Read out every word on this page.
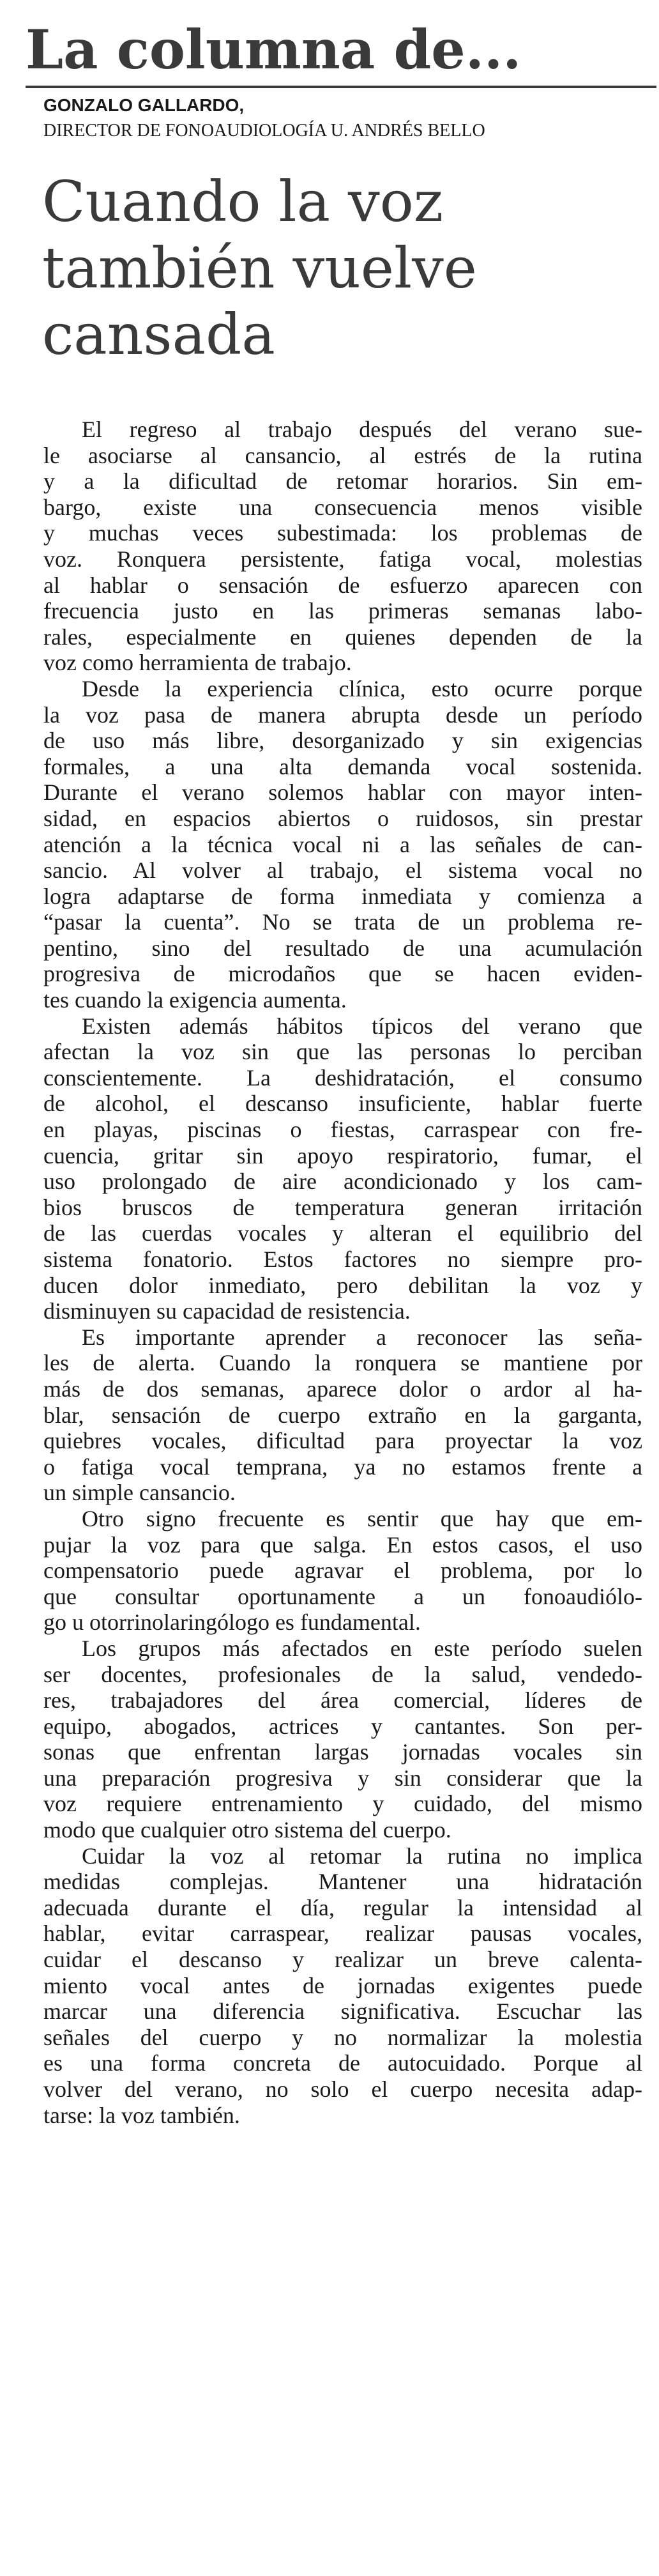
La columna de...
GONZALO GALLARDO,
DIRECTOR DE FONOAUDIOLOGÍA U. ANDRÉS BELLO
Cuando la voz
también vuelve
cansada
El regreso al trabajo después del verano sue-
le asociarse al cansancio, al estrés de la rutina
y a la dificultad de retomar horarios. Sin em-
bargo, existe una consecuencia menos visible
y muchas veces subestimada: los problemas de
voz. Ronquera persistente, fatiga vocal, molestias
al hablar o sensación de esfuerzo aparecen con
frecuencia justo en las primeras semanas labo-
rales, especialmente en quienes dependen de la
voz como herramienta de trabajo.
Desde la experiencia clínica, esto ocurre porque
la voz pasa de manera abrupta desde un período
de uso más libre, desorganizado y sin exigencias
formales, a una alta demanda vocal sostenida.
Durante el verano solemos hablar con mayor inten-
sidad, en espacios abiertos o ruidosos, sin prestar
atención a la técnica vocal ni a las señales de can-
sancio. Al volver al trabajo, el sistema vocal no
logra adaptarse de forma inmediata y comienza a
“pasar la cuenta”. No se trata de un problema re-
pentino, sino del resultado de una acumulación
progresiva de microdaños que se hacen eviden-
tes cuando la exigencia aumenta.
Existen además hábitos típicos del verano que
afectan la voz sin que las personas lo perciban
conscientemente. La deshidratación, el consumo
de alcohol, el descanso insuficiente, hablar fuerte
en playas, piscinas o fiestas, carraspear con fre-
cuencia, gritar sin apoyo respiratorio, fumar, el
uso prolongado de aire acondicionado y los cam-
bios bruscos de temperatura generan irritación
de las cuerdas vocales y alteran el equilibrio del
sistema fonatorio. Estos factores no siempre pro-
ducen dolor inmediato, pero debilitan la voz y
disminuyen su capacidad de resistencia.
Es importante aprender a reconocer las seña-
les de alerta. Cuando la ronquera se mantiene por
más de dos semanas, aparece dolor o ardor al ha-
blar, sensación de cuerpo extraño en la garganta,
quiebres vocales, dificultad para proyectar la voz
o fatiga vocal temprana, ya no estamos frente a
un simple cansancio.
Otro signo frecuente es sentir que hay que em-
pujar la voz para que salga. En estos casos, el uso
compensatorio puede agravar el problema, por lo
que consultar oportunamente a un fonoaudiólo-
go u otorrinolaringólogo es fundamental.
Los grupos más afectados en este período suelen
ser docentes, profesionales de la salud, vendedo-
res, trabajadores del área comercial, líderes de
equipo, abogados, actrices y cantantes. Son per-
sonas que enfrentan largas jornadas vocales sin
una preparación progresiva y sin considerar que la
voz requiere entrenamiento y cuidado, del mismo
modo que cualquier otro sistema del cuerpo.
Cuidar la voz al retomar la rutina no implica
medidas complejas. Mantener una hidratación
adecuada durante el día, regular la intensidad al
hablar, evitar carraspear, realizar pausas vocales,
cuidar el descanso y realizar un breve calenta-
miento vocal antes de jornadas exigentes puede
marcar una diferencia significativa. Escuchar las
señales del cuerpo y no normalizar la molestia
es una forma concreta de autocuidado. Porque al
volver del verano, no solo el cuerpo necesita adap-
tarse: la voz también.
